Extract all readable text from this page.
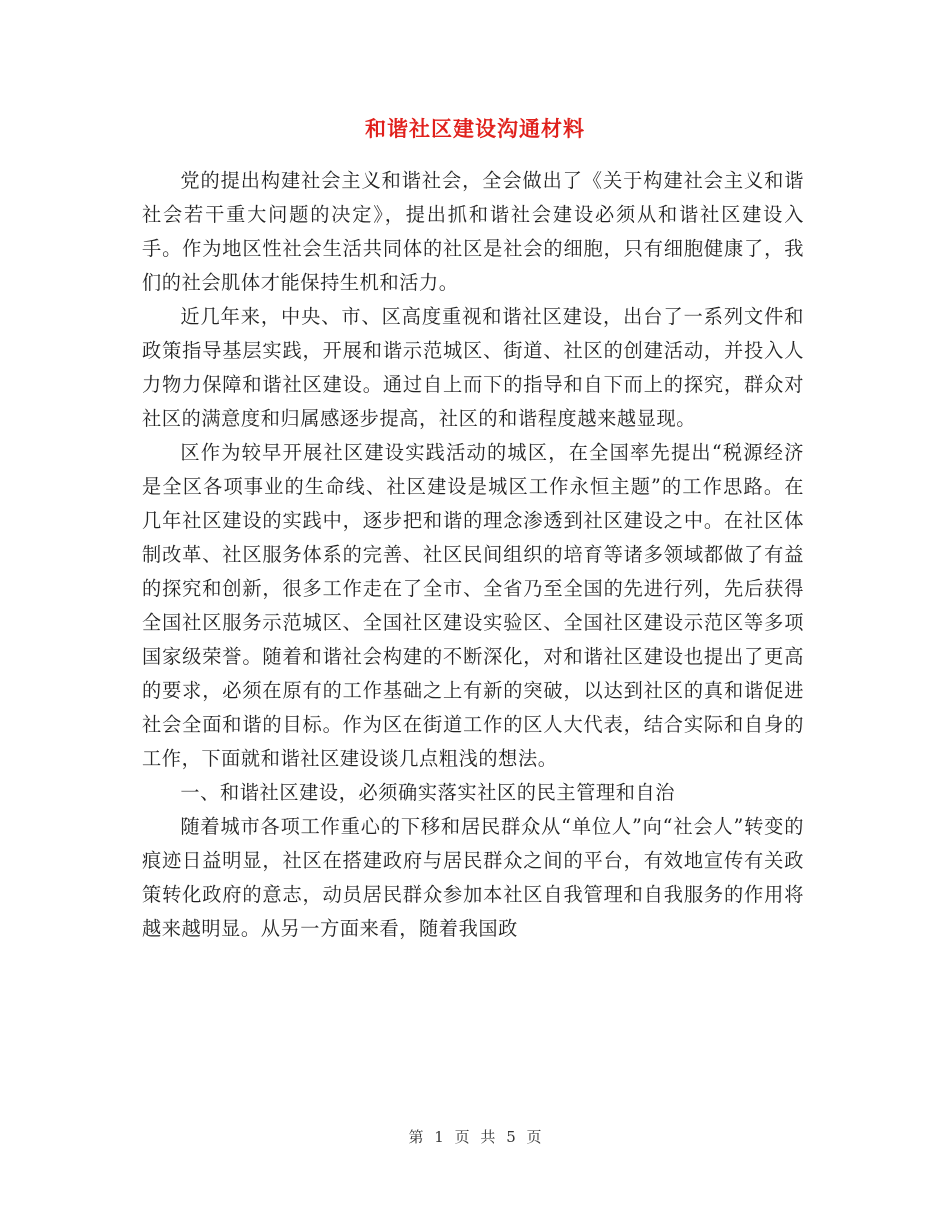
和谐社区建设沟通材料

党的提出构建社会主义和谐社会，全会做出了《关于构建社会主义和谐社会若干重大问题的决定》，提出抓和谐社会建设必须从和谐社区建设入手。作为地区性社会生活共同体的社区是社会的细胞，只有细胞健康了，我们的社会肌体才能保持生机和活力。

近几年来，中央、市、区高度重视和谐社区建设，出台了一系列文件和政策指导基层实践，开展和谐示范城区、街道、社区的创建活动，并投入人力物力保障和谐社区建设。通过自上而下的指导和自下而上的探究，群众对社区的满意度和归属感逐步提高，社区的和谐程度越来越显现。

区作为较早开展社区建设实践活动的城区，在全国率先提出“税源经济是全区各项事业的生命线、社区建设是城区工作永恒主题”的工作思路。在几年社区建设的实践中，逐步把和谐的理念渗透到社区建设之中。在社区体制改革、社区服务体系的完善、社区民间组织的培育等诸多领域都做了有益的探究和创新，很多工作走在了全市、全省乃至全国的先进行列，先后获得全国社区服务示范城区、全国社区建设实验区、全国社区建设示范区等多项国家级荣誉。随着和谐社会构建的不断深化，对和谐社区建设也提出了更高的要求，必须在原有的工作基础之上有新的突破，以达到社区的真和谐促进社会全面和谐的目标。作为区在街道工作的区人大代表，结合实际和自身的工作，下面就和谐社区建设谈几点粗浅的想法。

一、和谐社区建设，必须确实落实社区的民主管理和自治

随着城市各项工作重心的下移和居民群众从“单位人”向“社会人”转变的痕迹日益明显，社区在搭建政府与居民群众之间的平台，有效地宣传有关政策转化政府的意志，动员居民群众参加本社区自我管理和自我服务的作用将越来越明显。从另一方面来看，随着我国政

第 1 页 共 5 页
